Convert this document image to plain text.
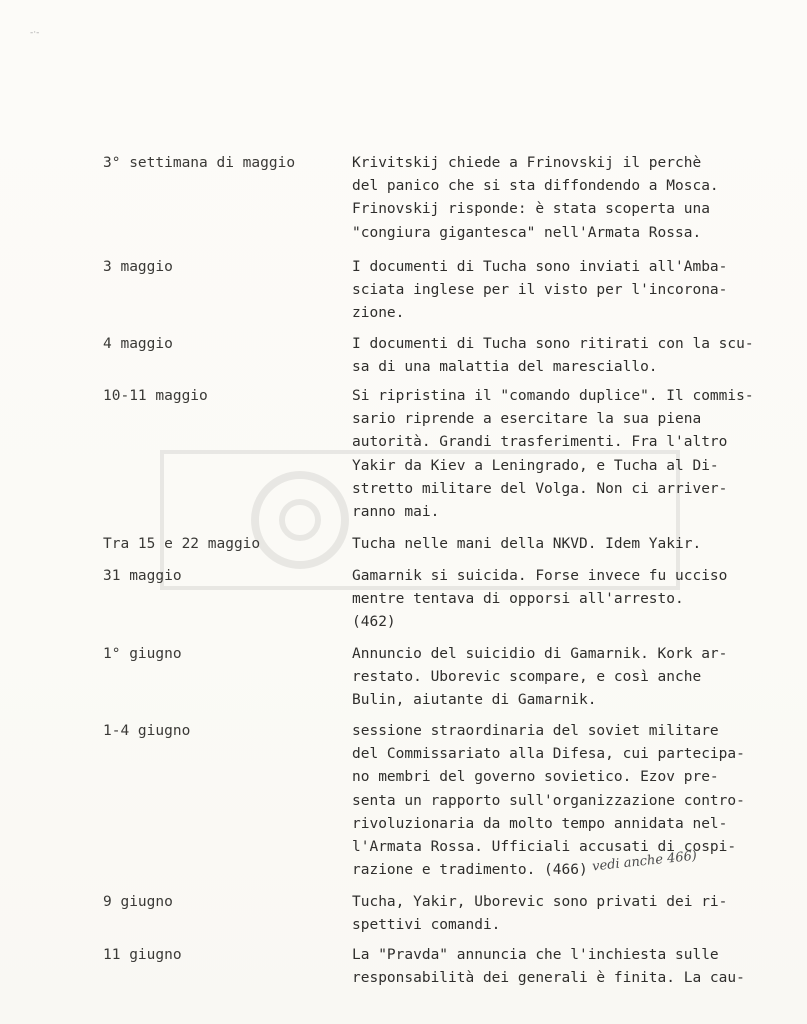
-·-
3° settimana di maggio	Krivitskij chiede a Frinovskij il perchè
del panico che si sta diffondendo a Mosca.
Frinovskij risponde: è stata scoperta una
"congiura gigantesca" nell'Armata Rossa.
3 maggio	I documenti di Tucha sono inviati all'Amba-
sciata inglese per il visto per l'incorona-
zione.
4 maggio	I documenti di Tucha sono ritirati con la scu-
sa di una malattia del maresciallo.
10-11 maggio	Si ripristina il "comando duplice". Il commis-
sario riprende a esercitare la sua piena
autorità. Grandi trasferimenti. Fra l'altro
Yakir da Kiev a Leningrado, e Tucha al Di-
stretto militare del Volga. Non ci arriver-
ranno mai.
Tra 15 e 22 maggio	Tucha nelle mani della NKVD. Idem Yakir.
31 maggio	Gamarnik si suicida. Forse invece fu ucciso
mentre tentava di opporsi all'arresto.
(462)
1° giugno	Annuncio del suicidio di Gamarnik. Kork ar-
restato. Uborevic scompare, e così anche
Bulin, aiutante di Gamarnik.
1-4 giugno	sessione straordinaria del soviet militare
del Commissariato alla Difesa, cui partecipa-
no membri del governo sovietico. Ezov pre-
senta un rapporto sull'organizzazione contro-
rivoluzionaria da molto tempo annidata nel-
l'Armata Rossa. Ufficiali accusati di cospi-
razione e tradimento. (466) vedi anche 466)
9 giugno	Tucha, Yakir, Uborevic sono privati dei ri-
spettivi comandi.
11 giugno	La "Pravda" annuncia che l'inchiesta sulle
responsabilità dei generali è finita. La cau-
